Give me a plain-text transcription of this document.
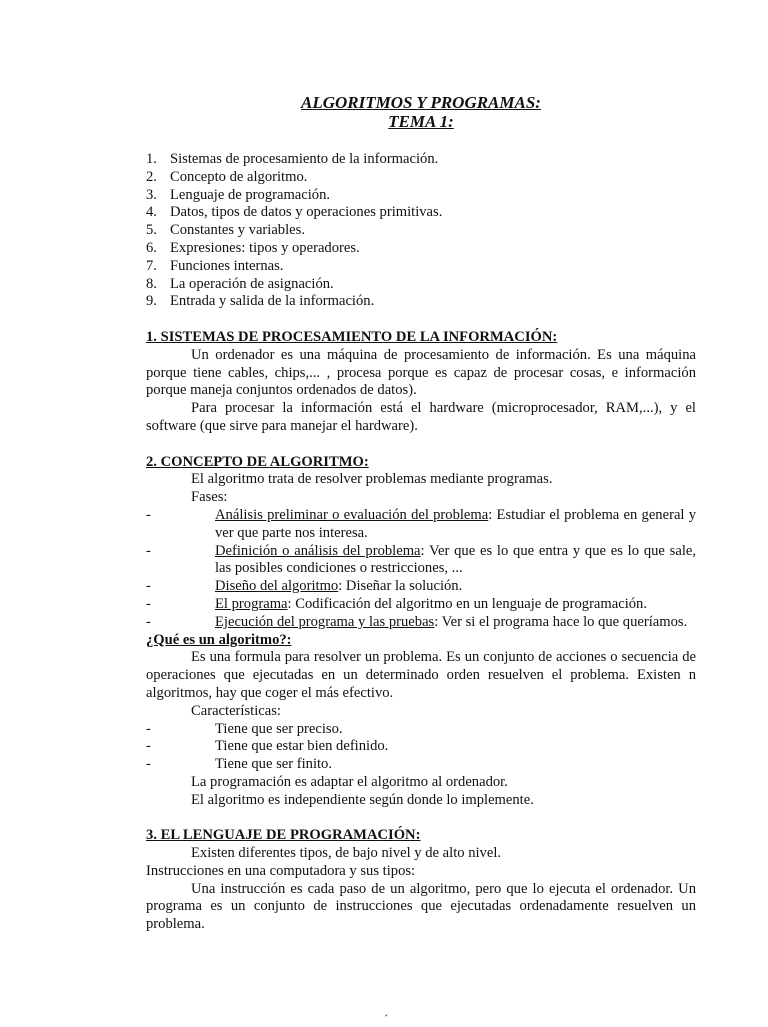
ALGORITMOS Y PROGRAMAS:
TEMA 1:
1. Sistemas de procesamiento de la información.
2. Concepto de algoritmo.
3. Lenguaje de programación.
4. Datos, tipos de datos y operaciones primitivas.
5. Constantes y variables.
6. Expresiones: tipos y operadores.
7. Funciones internas.
8. La operación de asignación.
9. Entrada y salida de la información.
1. SISTEMAS DE PROCESAMIENTO DE LA INFORMACIÓN:
Un ordenador es una máquina de procesamiento de información. Es una máquina porque tiene cables, chips,... , procesa porque es capaz de procesar cosas, e información porque maneja conjuntos ordenados de datos).
Para procesar la información está el hardware (microprocesador, RAM,...), y el software (que sirve para manejar el hardware).
2. CONCEPTO DE ALGORITMO:
El algoritmo trata de resolver problemas mediante programas.
Fases:
-	Análisis preliminar o evaluación del problema: Estudiar el problema en general y ver que parte nos interesa.
-	Definición o análisis del problema: Ver que es lo que entra y que es lo que sale, las posibles condiciones o restricciones, ...
-	Diseño del algoritmo: Diseñar la solución.
-	El programa: Codificación del algoritmo en un lenguaje de programación.
-	Ejecución del programa y las pruebas: Ver si el programa hace lo que queríamos.
¿Qué es un algoritmo?:
Es una formula para resolver un problema. Es un conjunto de acciones o secuencia de operaciones que ejecutadas en un determinado orden resuelven el problema. Existen n algoritmos, hay que coger el más efectivo.
Características:
-	Tiene que ser preciso.
-	Tiene que estar bien definido.
-	Tiene que ser finito.
La programación es adaptar el algoritmo al ordenador.
El algoritmo es independiente según donde lo implemente.
3. EL LENGUAJE DE PROGRAMACIÓN:
Existen diferentes tipos, de bajo nivel y de alto nivel.
Instrucciones en una computadora y sus tipos:
Una instrucción es cada paso de un algoritmo, pero que lo ejecuta el ordenador. Un programa es un conjunto de instrucciones que ejecutadas ordenadamente resuelven un problema.
´
